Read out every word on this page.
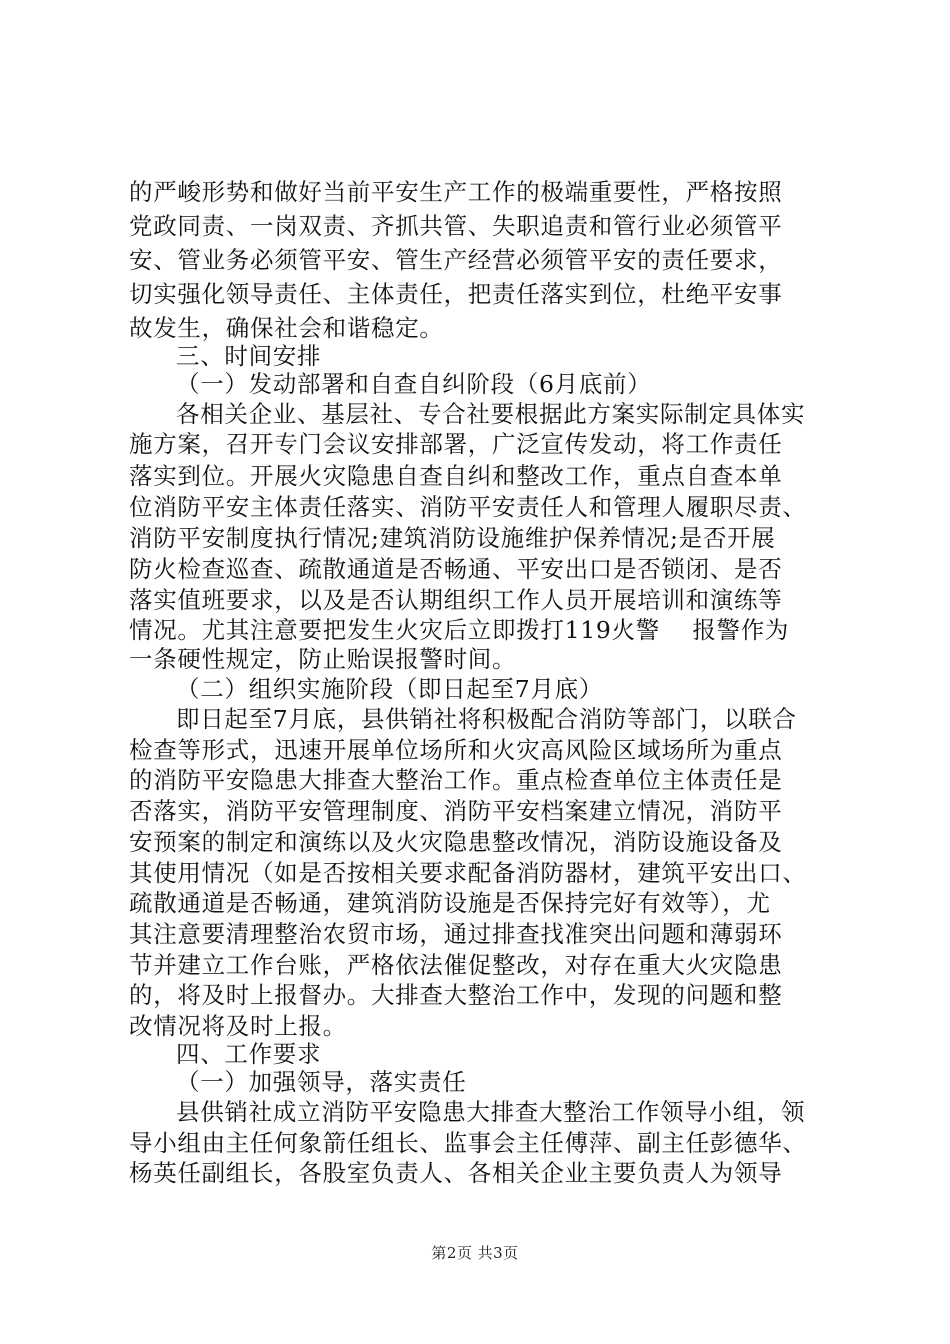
的严峻形势和做好当前平安生产工作的极端重要性，严格按照
党政同责、一岗双责、齐抓共管、失职追责和管行业必须管平
安、管业务必须管平安、管生产经营必须管平安的责任要求，
切实强化领导责任、主体责任，把责任落实到位，杜绝平安事
故发生，确保社会和谐稳定。
三、时间安排
（一）发动部署和自查自纠阶段（6月底前）
各相关企业、基层社、专合社要根据此方案实际制定具体实
施方案，召开专门会议安排部署，广泛宣传发动，将工作责任
落实到位。开展火灾隐患自查自纠和整改工作，重点自查本单
位消防平安主体责任落实、消防平安责任人和管理人履职尽责、
消防平安制度执行情况;建筑消防设施维护保养情况;是否开展
防火检查巡查、疏散通道是否畅通、平安出口是否锁闭、是否
落实值班要求，以及是否认期组织工作人员开展培训和演练等
情况。尤其注意要把发生火灾后立即拨打119火警　 报警作为
一条硬性规定，防止贻误报警时间。
（二）组织实施阶段（即日起至7月底）
即日起至7月底，县供销社将积极配合消防等部门，以联合
检查等形式，迅速开展单位场所和火灾高风险区域场所为重点
的消防平安隐患大排查大整治工作。重点检查单位主体责任是
否落实，消防平安管理制度、消防平安档案建立情况，消防平
安预案的制定和演练以及火灾隐患整改情况，消防设施设备及
其使用情况（如是否按相关要求配备消防器材，建筑平安出口、
疏散通道是否畅通，建筑消防设施是否保持完好有效等），尤
其注意要清理整治农贸市场，通过排查找准突出问题和薄弱环
节并建立工作台账，严格依法催促整改，对存在重大火灾隐患
的，将及时上报督办。大排查大整治工作中，发现的问题和整
改情况将及时上报。
四、工作要求
（一）加强领导，落实责任
县供销社成立消防平安隐患大排查大整治工作领导小组，领
导小组由主任何象箭任组长、监事会主任傅萍、副主任彭德华、
杨英任副组长，各股室负责人、各相关企业主要负责人为领导
第2页 共3页
